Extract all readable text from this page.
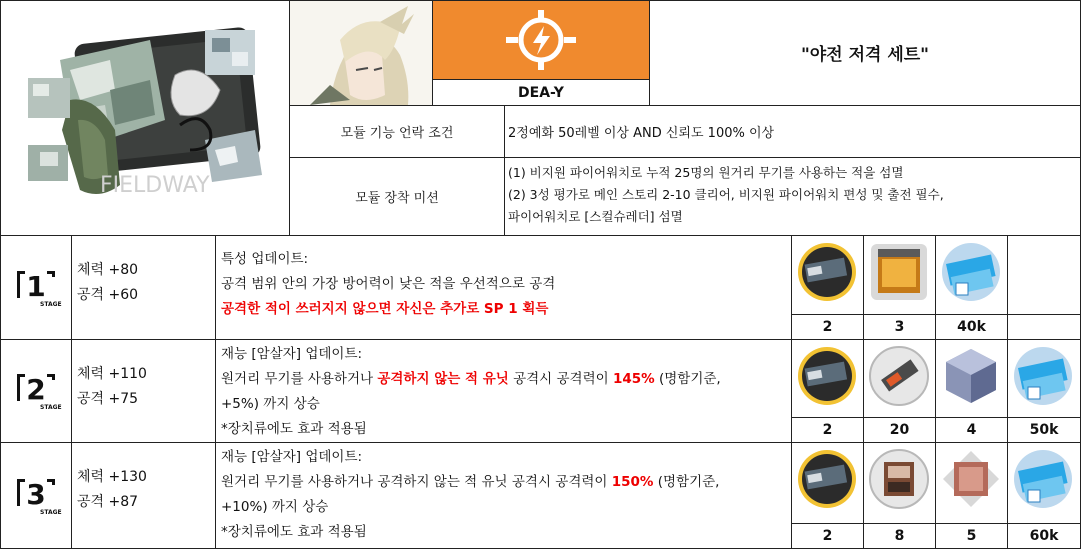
FIELDWAY
DEA-Y
"야전 저격 세트"
모듈 기능 언락 조건	2정예화 50레벨 이상 AND 신뢰도 100% 이상
모듈 장착 미션
(1) 비지원 파이어워치로 누적 25명의 원거리 무기를 사용하는 적을 섬멸
(2) 3성 평가로 메인 스토리 2-10 클리어, 비지원 파이어워치 편성 및 출전 필수,
파이어워치로 [스컬슈레더] 섬멸
1
STAGE
체력 +80
공격 +60
특성 업데이트:
공격 범위 안의 가장 방어력이 낮은 적을 우선적으로 공격
공격한 적이 쓰러지지 않으면 자신은 추가로 SP 1 획득
2	3	40k
2
STAGE
체력 +110
공격 +75
재능 [암살자] 업데이트:
원거리 무기를 사용하거나 공격하지 않는 적 유닛 공격시 공격력이 145% (명함기준,
+5%) 까지 상승
*장치류에도 효과 적용됨	2	20	4	50k
3
STAGE
체력 +130
공격 +87
재능 [암살자] 업데이트:
원거리 무기를 사용하거나 공격하지 않는 적 유닛 공격시 공격력이 150% (명함기준,
+10%) 까지 상승
*장치류에도 효과 적용됨	2	8	5	60k
